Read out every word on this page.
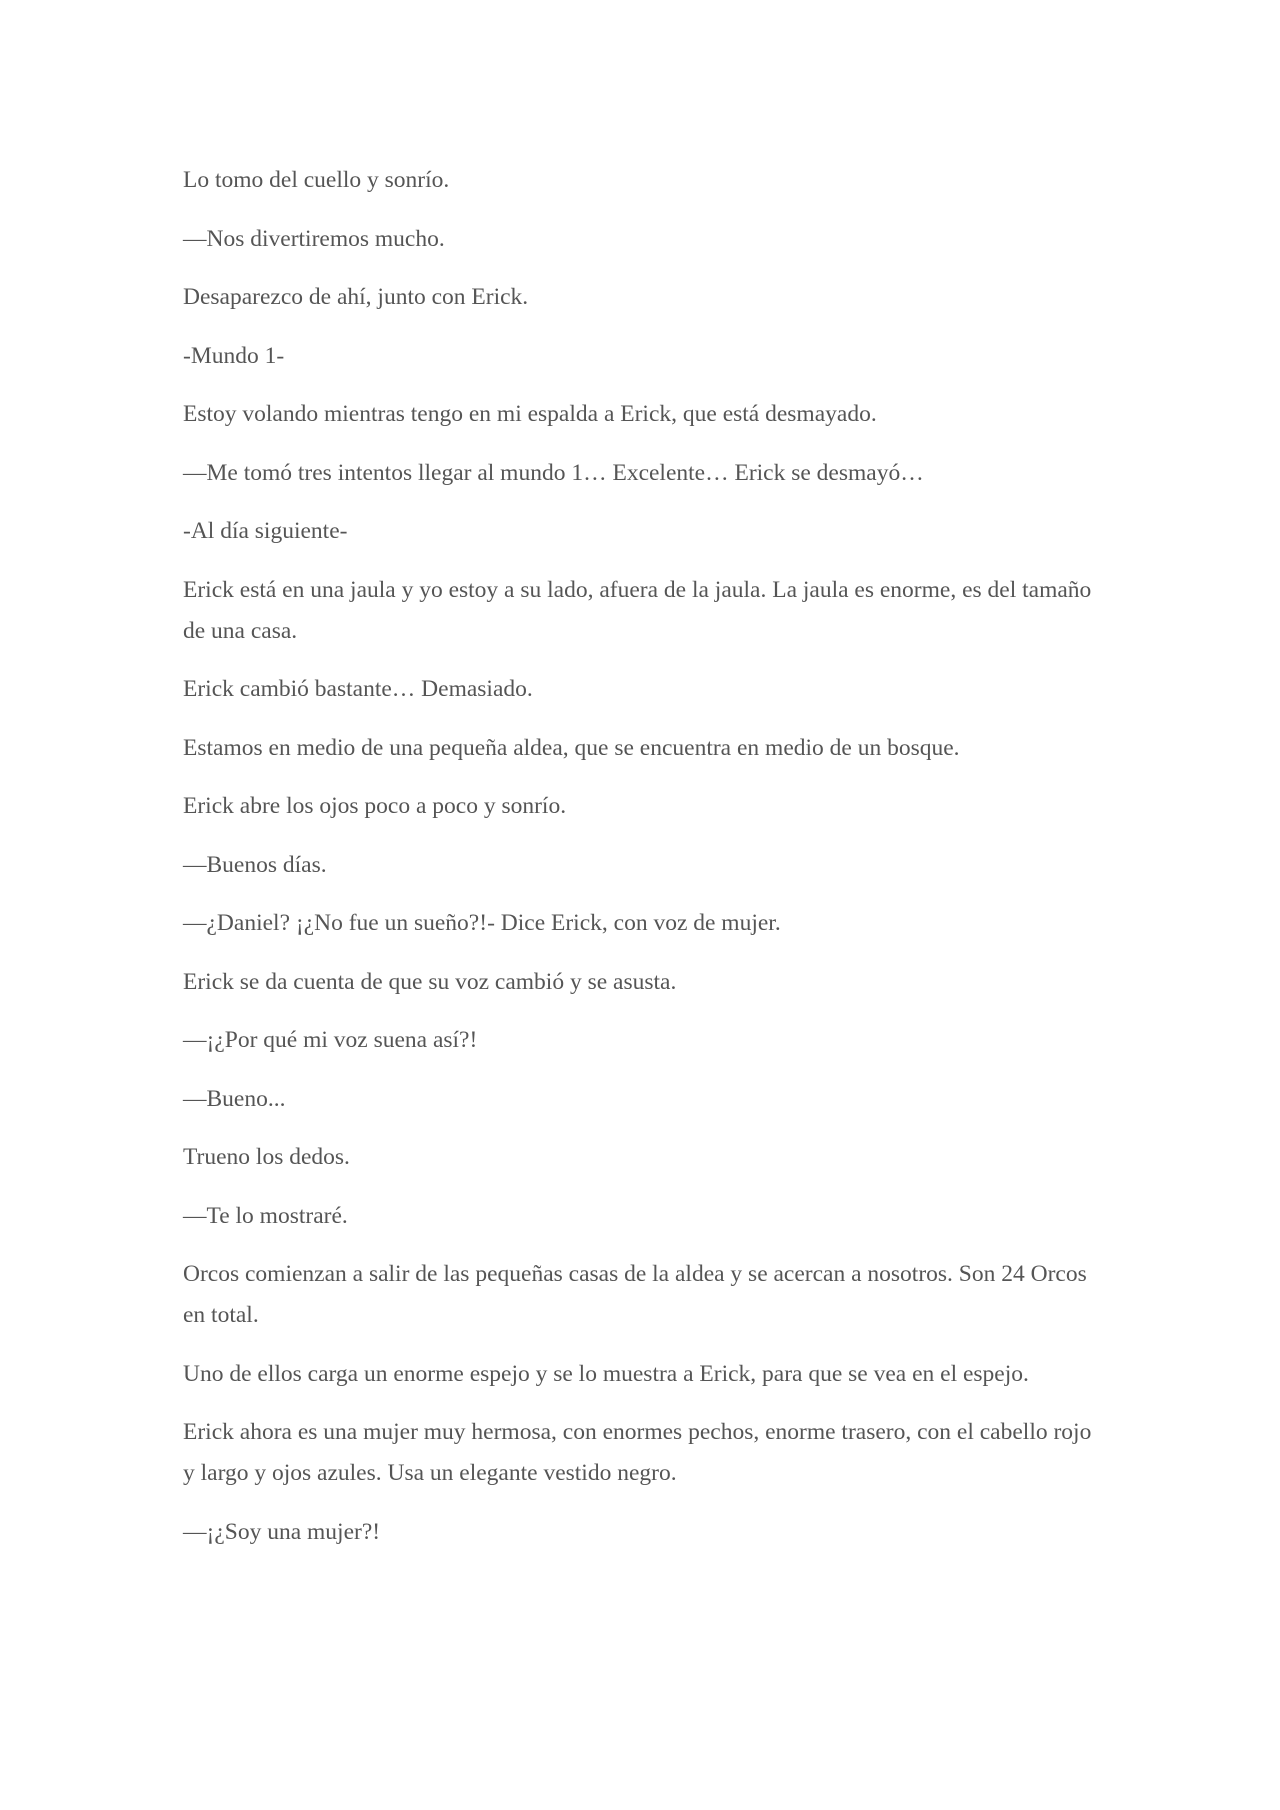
Lo tomo del cuello y sonrío.

—Nos divertiremos mucho.

Desaparezco de ahí, junto con Erick.

-Mundo 1-

Estoy volando mientras tengo en mi espalda a Erick, que está desmayado.

—Me tomó tres intentos llegar al mundo 1… Excelente… Erick se desmayó…

-Al día siguiente-

Erick está en una jaula y yo estoy a su lado, afuera de la jaula. La jaula es enorme, es del tamaño de una casa.

Erick cambió bastante… Demasiado.

Estamos en medio de una pequeña aldea, que se encuentra en medio de un bosque.

Erick abre los ojos poco a poco y sonrío.

—Buenos días.

—¿Daniel? ¡¿No fue un sueño?!- Dice Erick, con voz de mujer.

Erick se da cuenta de que su voz cambió y se asusta.

—¡¿Por qué mi voz suena así?!

—Bueno...

Trueno los dedos.

—Te lo mostraré.

Orcos comienzan a salir de las pequeñas casas de la aldea y se acercan a nosotros. Son 24 Orcos en total.

Uno de ellos carga un enorme espejo y se lo muestra a Erick, para que se vea en el espejo.

Erick ahora es una mujer muy hermosa, con enormes pechos, enorme trasero, con el cabello rojo y largo y ojos azules. Usa un elegante vestido negro.

—¡¿Soy una mujer?!
